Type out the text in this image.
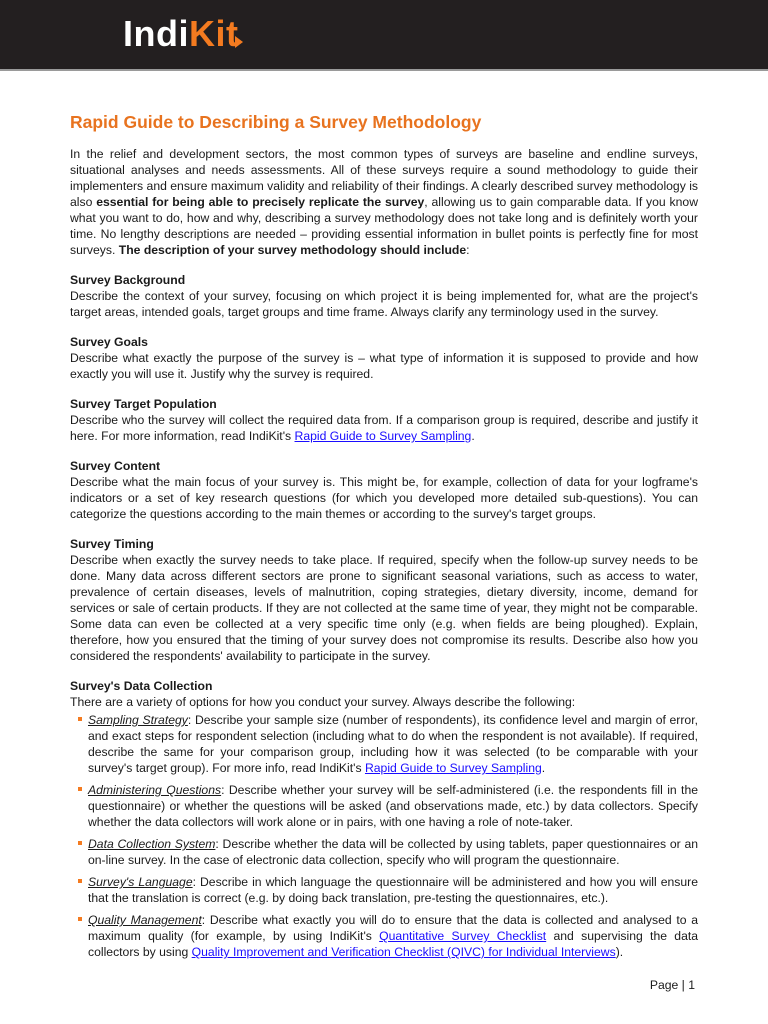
IndiKit
Rapid Guide to Describing a Survey Methodology

In the relief and development sectors, the most common types of surveys are baseline and endline surveys, situational analyses and needs assessments. All of these surveys require a sound methodology to guide their implementers and ensure maximum validity and reliability of their findings. A clearly described survey methodology is also essential for being able to precisely replicate the survey, allowing us to gain comparable data. If you know what you want to do, how and why, describing a survey methodology does not take long and is definitely worth your time. No lengthy descriptions are needed – providing essential information in bullet points is perfectly fine for most surveys. The description of your survey methodology should include:

Survey Background

Describe the context of your survey, focusing on which project it is being implemented for, what are the project's target areas, intended goals, target groups and time frame. Always clarify any terminology used in the survey.

Survey Goals

Describe what exactly the purpose of the survey is – what type of information it is supposed to provide and how exactly you will use it. Justify why the survey is required.

Survey Target Population

Describe who the survey will collect the required data from. If a comparison group is required, describe and justify it here. For more information, read IndiKit's Rapid Guide to Survey Sampling.

Survey Content

Describe what the main focus of your survey is. This might be, for example, collection of data for your logframe's indicators or a set of key research questions (for which you developed more detailed sub-questions). You can categorize the questions according to the main themes or according to the survey's target groups.

Survey Timing

Describe when exactly the survey needs to take place. If required, specify when the follow-up survey needs to be done. Many data across different sectors are prone to significant seasonal variations, such as access to water, prevalence of certain diseases, levels of malnutrition, coping strategies, dietary diversity, income, demand for services or sale of certain products. If they are not collected at the same time of year, they might not be comparable. Some data can even be collected at a very specific time only (e.g. when fields are being ploughed). Explain, therefore, how you ensured that the timing of your survey does not compromise its results. Describe also how you considered the respondents' availability to participate in the survey.

Survey's Data Collection

There are a variety of options for how you conduct your survey. Always describe the following:

Sampling Strategy: Describe your sample size (number of respondents), its confidence level and margin of error, and exact steps for respondent selection (including what to do when the respondent is not available). If required, describe the same for your comparison group, including how it was selected (to be comparable with your survey's target group). For more info, read IndiKit's Rapid Guide to Survey Sampling.
Administering Questions: Describe whether your survey will be self-administered (i.e. the respondents fill in the questionnaire) or whether the questions will be asked (and observations made, etc.) by data collectors. Specify whether the data collectors will work alone or in pairs, with one having a role of note-taker.
Data Collection System: Describe whether the data will be collected by using tablets, paper questionnaires or an on-line survey. In the case of electronic data collection, specify who will program the questionnaire.
Survey's Language: Describe in which language the questionnaire will be administered and how you will ensure that the translation is correct (e.g. by doing back translation, pre-testing the questionnaires, etc.).
Quality Management: Describe what exactly you will do to ensure that the data is collected and analysed to a maximum quality (for example, by using IndiKit's Quantitative Survey Checklist and supervising the data collectors by using Quality Improvement and Verification Checklist (QIVC) for Individual Interviews).
Page | 1
